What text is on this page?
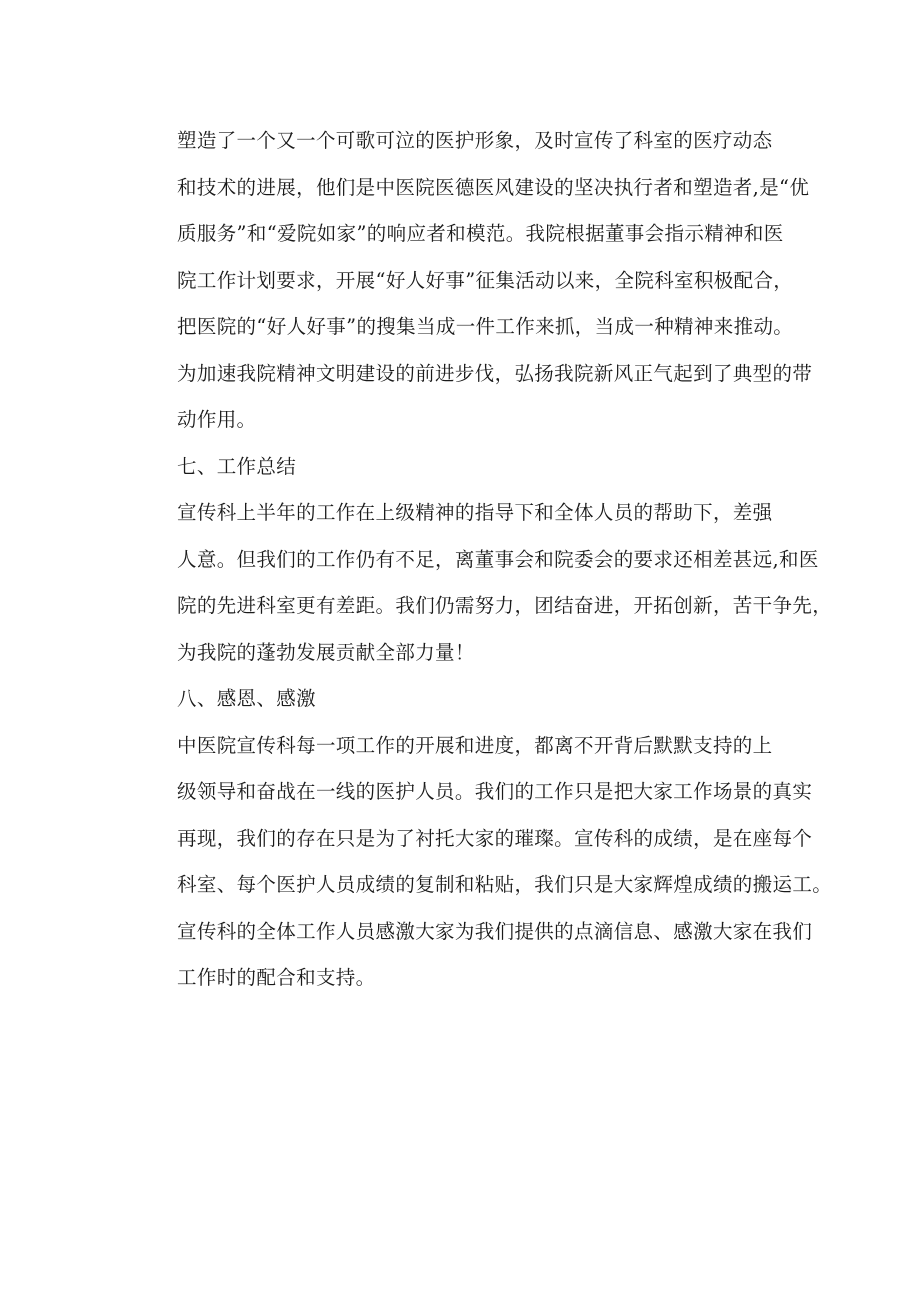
塑造了一个又一个可歌可泣的医护形象，及时宣传了科室的医疗动态
和技术的进展，他们是中医院医德医风建设的坚决执行者和塑造者,是“优
质服务”和“爱院如家”的响应者和模范。我院根据董事会指示精神和医
院工作计划要求，开展“好人好事”征集活动以来，全院科室积极配合，
把医院的“好人好事”的搜集当成一件工作来抓，当成一种精神来推动。
为加速我院精神文明建设的前进步伐，弘扬我院新风正气起到了典型的带
动作用。

七、工作总结

宣传科上半年的工作在上级精神的指导下和全体人员的帮助下，差强
人意。但我们的工作仍有不足，离董事会和院委会的要求还相差甚远,和医
院的先进科室更有差距。我们仍需努力，团结奋进，开拓创新，苦干争先，
为我院的蓬勃发展贡献全部力量！

八、感恩、感激

中医院宣传科每一项工作的开展和进度，都离不开背后默默支持的上
级领导和奋战在一线的医护人员。我们的工作只是把大家工作场景的真实
再现，我们的存在只是为了衬托大家的璀璨。宣传科的成绩，是在座每个
科室、每个医护人员成绩的复制和粘贴，我们只是大家辉煌成绩的搬运工。
宣传科的全体工作人员感激大家为我们提供的点滴信息、感激大家在我们
工作时的配合和支持。
